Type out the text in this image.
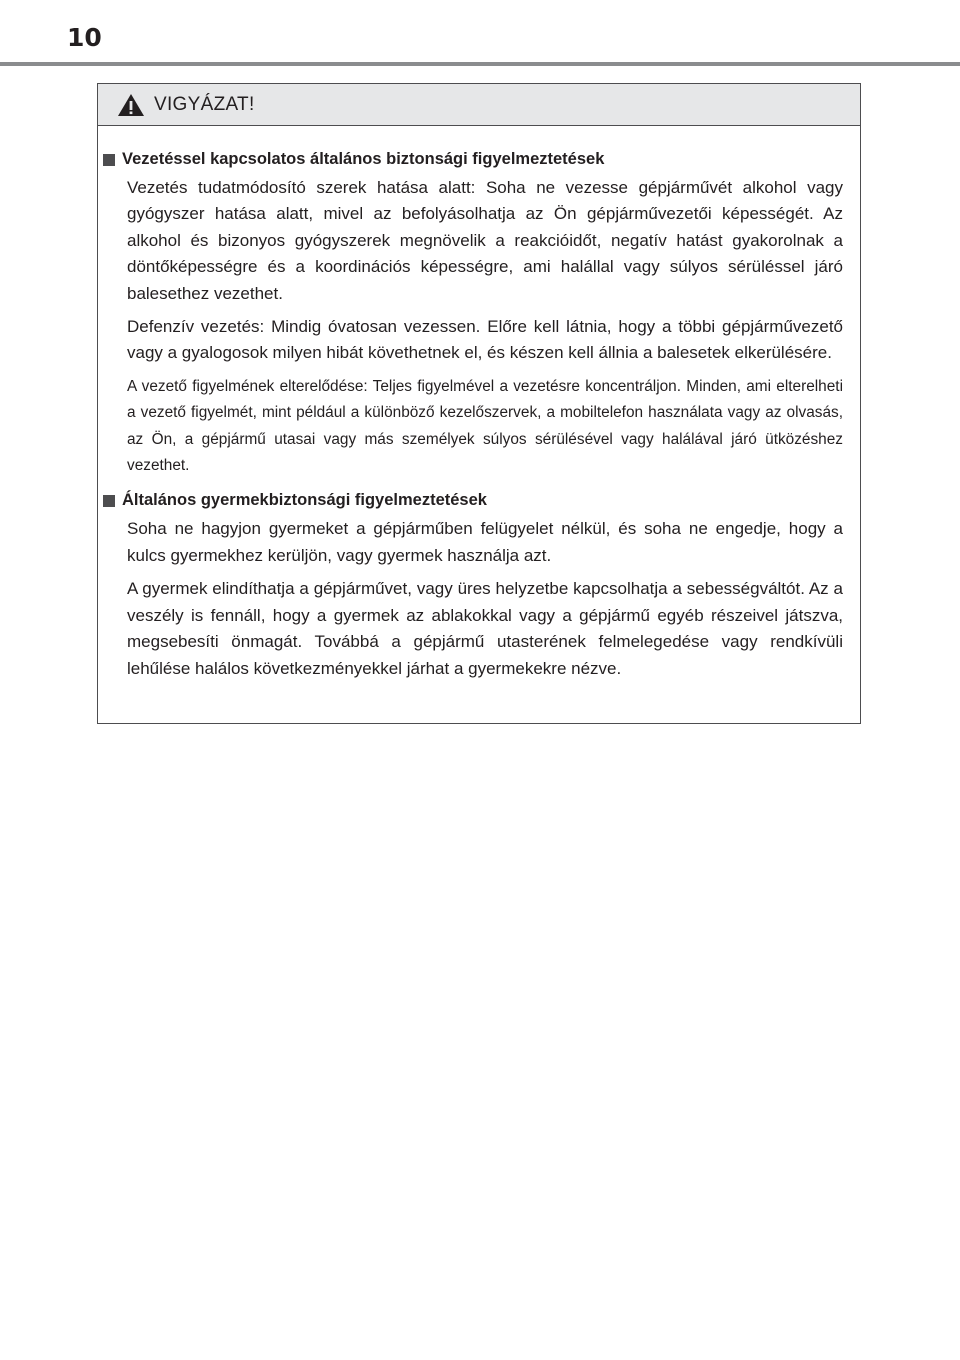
10
VIGYÁZAT!
Vezetéssel kapcsolatos általános biztonsági figyelmeztetések

Vezetés tudatmódosító szerek hatása alatt: Soha ne vezesse gépjárművét alkohol vagy gyógyszer hatása alatt, mivel az befolyásolhatja az Ön gépjárművezetői képességét. Az alkohol és bizonyos gyógyszerek megnövelik a reakcióidőt, negatív hatást gyakorolnak a döntőképességre és a koordinációs képességre, ami halállal vagy súlyos sérüléssel járó balesethez vezethet.

Defenzív vezetés: Mindig óvatosan vezessen. Előre kell látnia, hogy a többi gépjárművezető vagy a gyalogosok milyen hibát követhetnek el, és készen kell állnia a balesetek elkerülésére.

A vezető figyelmének elterelődése: Teljes figyelmével a vezetésre koncentráljon. Minden, ami elterelheti a vezető figyelmét, mint például a különböző kezelőszervek, a mobiltelefon használata vagy az olvasás, az Ön, a gépjármű utasai vagy más személyek súlyos sérülésével vagy halálával járó ütközéshez vezethet.

Általános gyermekbiztonsági figyelmeztetések

Soha ne hagyjon gyermeket a gépjárműben felügyelet nélkül, és soha ne engedje, hogy a kulcs gyermekhez kerüljön, vagy gyermek használja azt.

A gyermek elindíthatja a gépjárművet, vagy üres helyzetbe kapcsolhatja a sebességváltót. Az a veszély is fennáll, hogy a gyermek az ablakokkal vagy a gépjármű egyéb részeivel játszva, megsebesíti önmagát. Továbbá a gépjármű utasterének felmelegedése vagy rendkívüli lehűlése halálos következményekkel járhat a gyermekekre nézve.
